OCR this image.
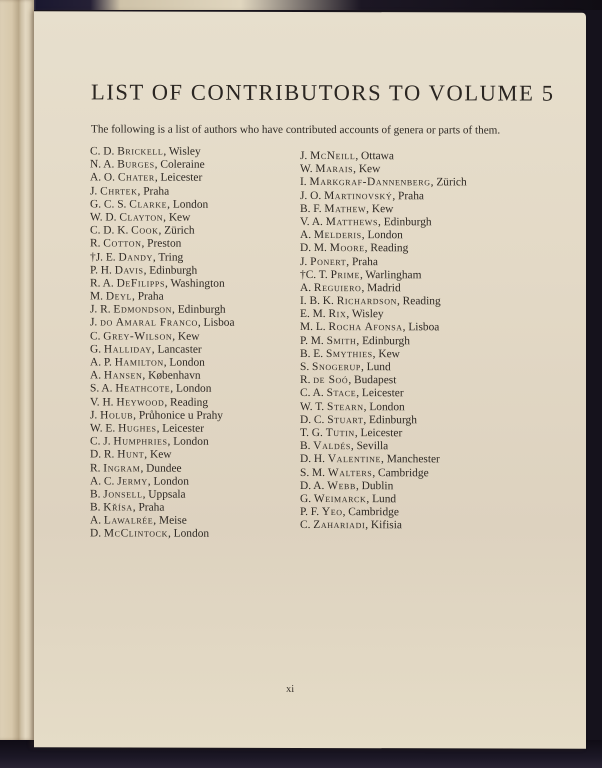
LIST OF CONTRIBUTORS TO VOLUME 5

The following is a list of authors who have contributed accounts of genera or parts of them.

C. D. Brickell, Wisley
N. A. Burges, Coleraine
A. O. Chater, Leicester
J. Chrtek, Praha
G. C. S. Clarke, London
W. D. Clayton, Kew
C. D. K. Cook, Zürich
R. Cotton, Preston
†J. E. Dandy, Tring
P. H. Davis, Edinburgh
R. A. DeFilipps, Washington
M. Deyl, Praha
J. R. Edmondson, Edinburgh
J. do Amaral Franco, Lisboa
C. Grey-Wilson, Kew
G. Halliday, Lancaster
A. P. Hamilton, London
A. Hansen, København
S. A. Heathcote, London
V. H. Heywood, Reading
J. Holub, Průhonice u Prahy
W. E. Hughes, Leicester
C. J. Humphries, London
D. R. Hunt, Kew
R. Ingram, Dundee
A. C. Jermy, London
B. Jonsell, Uppsala
B. Křísa, Praha
A. Lawalrée, Meise
D. McClintock, London
J. McNeill, Ottawa
W. Marais, Kew
I. Markgraf-Dannenberg, Zürich
J. O. Martinovský, Praha
B. F. Mathew, Kew
V. A. Matthews, Edinburgh
A. Melderis, London
D. M. Moore, Reading
J. Ponert, Praha
†C. T. Prime, Warlingham
A. Reguiero, Madrid
I. B. K. Richardson, Reading
E. M. Rix, Wisley
M. L. Rocha Afonsa, Lisboa
P. M. Smith, Edinburgh
B. E. Smythies, Kew
S. Snogerup, Lund
R. de Soó, Budapest
C. A. Stace, Leicester
W. T. Stearn, London
D. C. Stuart, Edinburgh
T. G. Tutin, Leicester
B. Valdés, Sevilla
D. H. Valentine, Manchester
S. M. Walters, Cambridge
D. A. Webb, Dublin
G. Weimarck, Lund
P. F. Yeo, Cambridge
C. Zahariadi, Kifisia
xi
